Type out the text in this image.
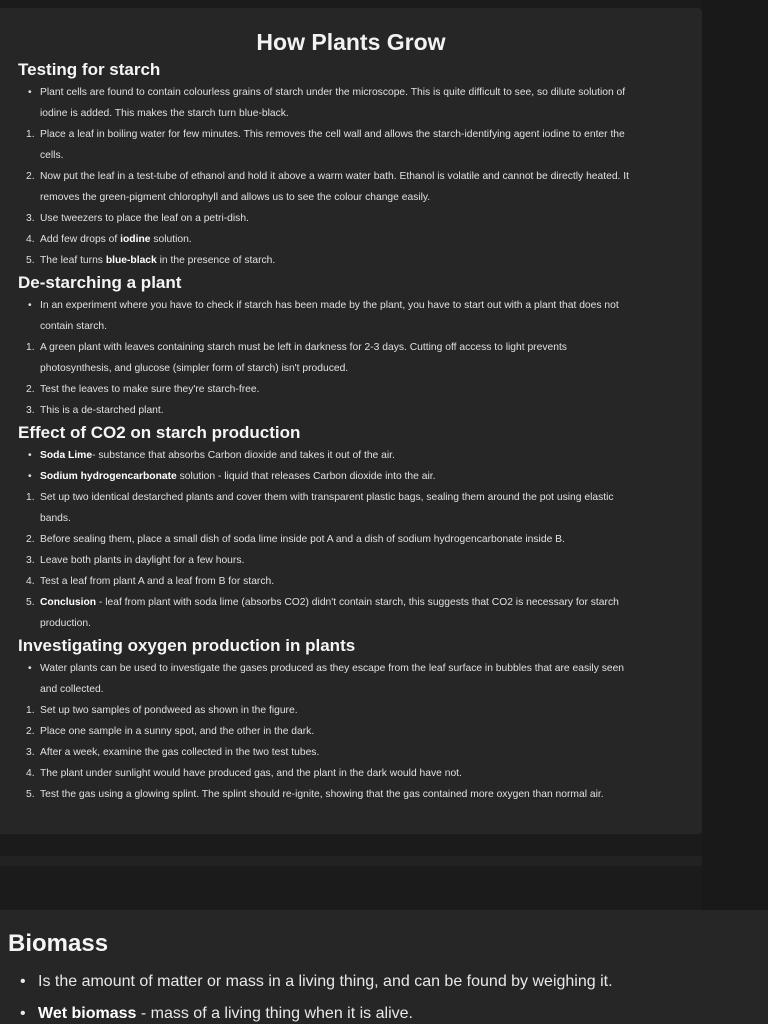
How Plants Grow
Testing for starch
• Plant cells are found to contain colourless grains of starch under the microscope. This is quite difficult to see, so dilute solution of
iodine is added. This makes the starch turn blue-black.
1. Place a leaf in boiling water for few minutes. This removes the cell wall and allows the starch-identifying agent iodine to enter the
cells.
2. Now put the leaf in a test-tube of ethanol and hold it above a warm water bath. Ethanol is volatile and cannot be directly heated. It
removes the green-pigment chlorophyll and allows us to see the colour change easily.
3. Use tweezers to place the leaf on a petri-dish.
4. Add few drops of iodine solution.
5. The leaf turns blue-black in the presence of starch.
De-starching a plant
• In an experiment where you have to check if starch has been made by the plant, you have to start out with a plant that does not
contain starch.
1. A green plant with leaves containing starch must be left in darkness for 2-3 days. Cutting off access to light prevents
photosynthesis, and glucose (simpler form of starch) isn't produced.
2. Test the leaves to make sure they're starch-free.
3. This is a de-starched plant.
Effect of CO2 on starch production
• Soda Lime- substance that absorbs Carbon dioxide and takes it out of the air.
• Sodium hydrogencarbonate solution - liquid that releases Carbon dioxide into the air.
1. Set up two identical destarched plants and cover them with transparent plastic bags, sealing them around the pot using elastic
bands.
2. Before sealing them, place a small dish of soda lime inside pot A and a dish of sodium hydrogencarbonate inside B.
3. Leave both plants in daylight for a few hours.
4. Test a leaf from plant A and a leaf from B for starch.
5. Conclusion - leaf from plant with soda lime (absorbs CO2) didn't contain starch, this suggests that CO2 is necessary for starch
production.
Investigating oxygen production in plants
• Water plants can be used to investigate the gases produced as they escape from the leaf surface in bubbles that are easily seen
and collected.
1. Set up two samples of pondweed as shown in the figure.
2. Place one sample in a sunny spot, and the other in the dark.
3. After a week, examine the gas collected in the two test tubes.
4. The plant under sunlight would have produced gas, and the plant in the dark would have not.
5. Test the gas using a glowing splint. The splint should re-ignite, showing that the gas contained more oxygen than normal air.
Biomass

• Is the amount of matter or mass in a living thing, and can be found by weighing it.

• Wet biomass - mass of a living thing when it is alive.
